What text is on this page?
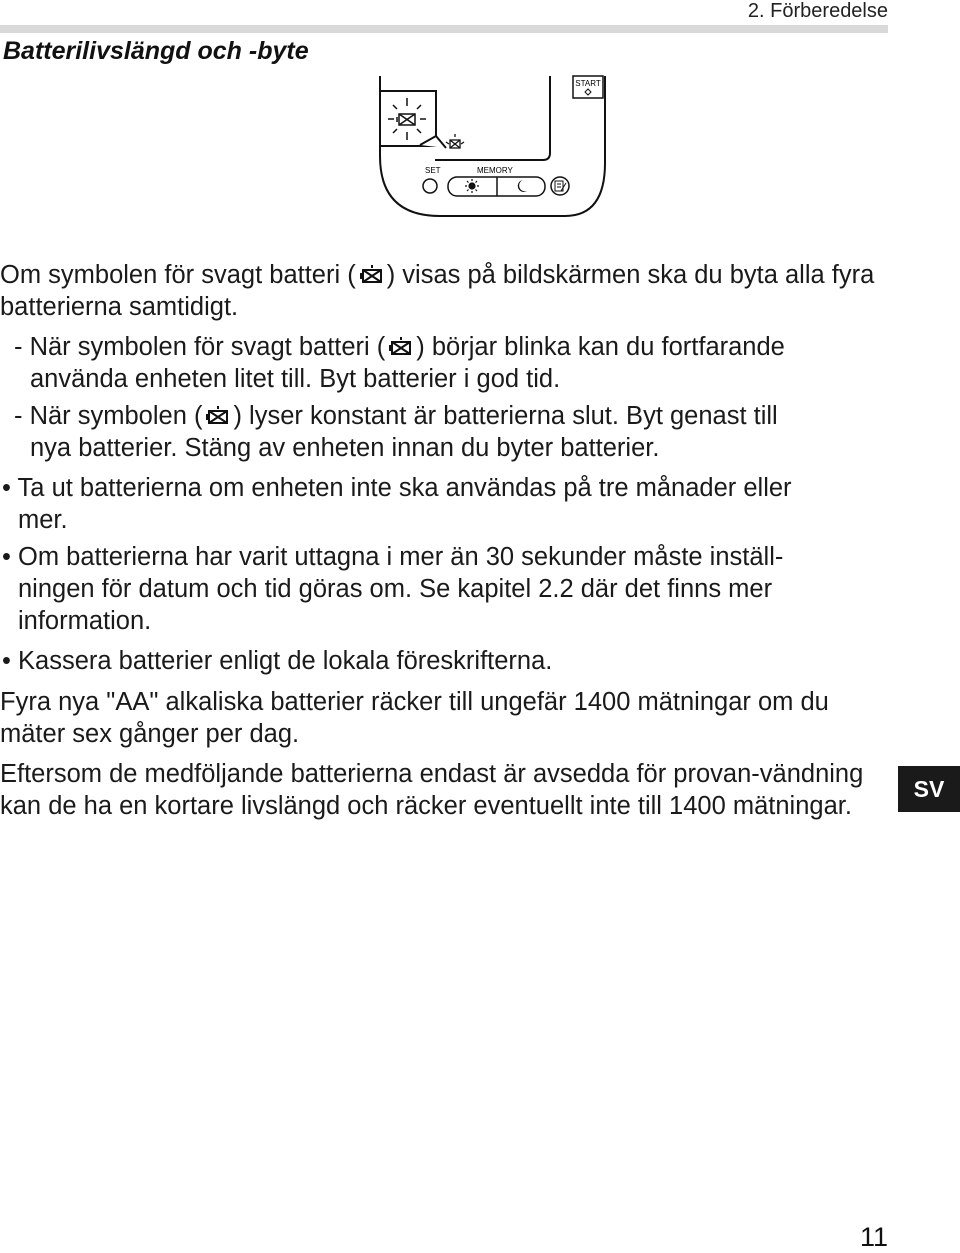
2. Förberedelse
Batterilivslängd och -byte
START
SET	MEMORY
Om symbolen för svagt batteri ( ) visas på bildskärmen ska du byta alla fyra batterierna samtidigt.
- När symbolen för svagt batteri ( ) börjar blinka kan du fortfarande
använda enheten litet till. Byt batterier i god tid.
- När symbolen ( ) lyser konstant är batterierna slut. Byt genast till
nya batterier. Stäng av enheten innan du byter batterier.
• Ta ut batterierna om enheten inte ska användas på tre månader eller
mer.
• Om batterierna har varit uttagna i mer än 30 sekunder måste inställ-
ningen för datum och tid göras om. Se kapitel 2.2 där det finns mer information.
• Kassera batterier enligt de lokala föreskrifterna.
Fyra nya "AA" alkaliska batterier räcker till ungefär 1400 mätningar om du mäter sex gånger per dag.
Eftersom de medföljande batterierna endast är avsedda för provan-vändning kan de ha en kortare livslängd och räcker eventuellt inte till 1400 mätningar.
SV
11
